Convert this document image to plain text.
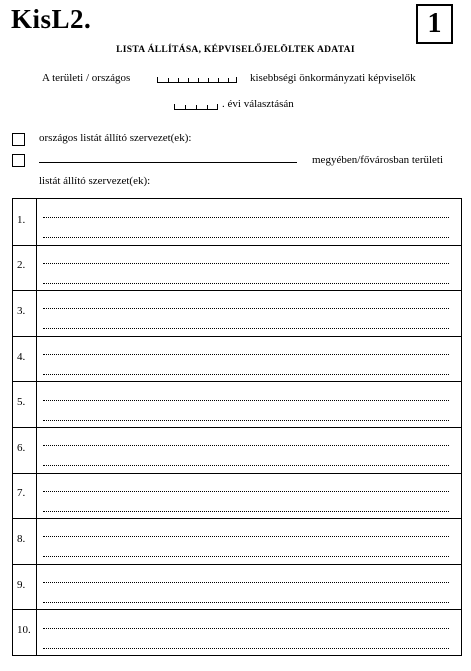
KisL2.	1
LISTA ÁLLÍTÁSA, KÉPVISELŐJELÖLTEK ADATAI
A területi / országos	kisebbségi önkormányzati képviselők
. évi választásán
országos listát állító szervezet(ek):
megyében/fővárosban területi
listát állító szervezet(ek):
1.
2.
3.
4.
5.
6.
7.
8.
9.
10.
